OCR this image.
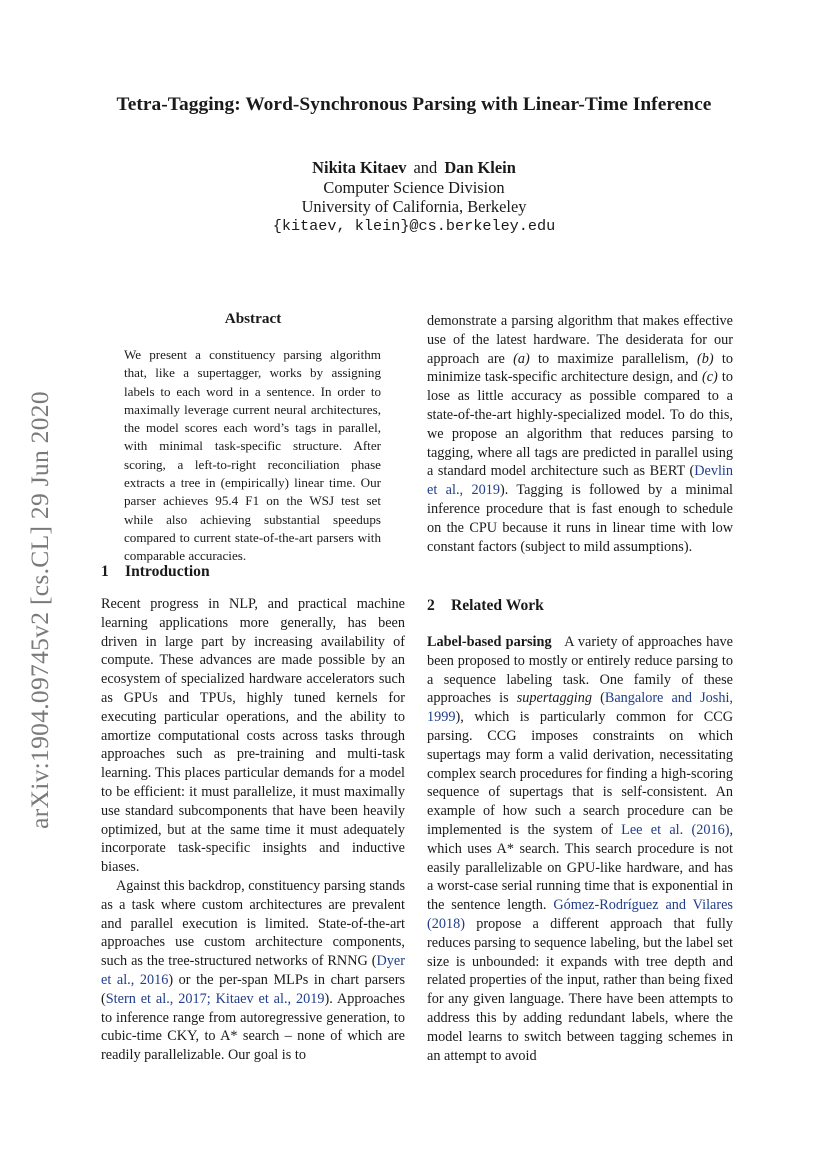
Tetra-Tagging: Word-Synchronous Parsing with Linear-Time Inference
Nikita Kitaev and Dan Klein
Computer Science Division
University of California, Berkeley
{kitaev, klein}@cs.berkeley.edu
arXiv:1904.09745v2 [cs.CL] 29 Jun 2020
Abstract
We present a constituency parsing algorithm that, like a supertagger, works by assigning labels to each word in a sentence. In order to maximally leverage current neural architectures, the model scores each word’s tags in parallel, with minimal task-specific structure. After scoring, a left-to-right reconciliation phase extracts a tree in (empirically) linear time. Our parser achieves 95.4 F1 on the WSJ test set while also achieving substantial speedups compared to current state-of-the-art parsers with comparable accuracies.
1 Introduction
Recent progress in NLP, and practical machine learning applications more generally, has been driven in large part by increasing availability of compute. These advances are made possible by an ecosystem of specialized hardware accelerators such as GPUs and TPUs, highly tuned kernels for executing particular operations, and the ability to amortize computational costs across tasks through approaches such as pre-training and multi-task learning. This places particular demands for a model to be efficient: it must parallelize, it must maximally use standard subcomponents that have been heavily optimized, but at the same time it must adequately incorporate task-specific insights and inductive biases.
Against this backdrop, constituency parsing stands as a task where custom architectures are prevalent and parallel execution is limited. State-of-the-art approaches use custom architecture components, such as the tree-structured networks of RNNG (Dyer et al., 2016) or the per-span MLPs in chart parsers (Stern et al., 2017; Kitaev et al., 2019). Approaches to inference range from autoregressive generation, to cubic-time CKY, to A* search – none of which are readily parallelizable. Our goal is to
demonstrate a parsing algorithm that makes effective use of the latest hardware. The desiderata for our approach are (a) to maximize parallelism, (b) to minimize task-specific architecture design, and (c) to lose as little accuracy as possible compared to a state-of-the-art highly-specialized model. To do this, we propose an algorithm that reduces parsing to tagging, where all tags are predicted in parallel using a standard model architecture such as BERT (Devlin et al., 2019). Tagging is followed by a minimal inference procedure that is fast enough to schedule on the CPU because it runs in linear time with low constant factors (subject to mild assumptions).
2 Related Work
Label-based parsing A variety of approaches have been proposed to mostly or entirely reduce parsing to a sequence labeling task. One family of these approaches is supertagging (Bangalore and Joshi, 1999), which is particularly common for CCG parsing. CCG imposes constraints on which supertags may form a valid derivation, necessitating complex search procedures for finding a high-scoring sequence of supertags that is self-consistent. An example of how such a search procedure can be implemented is the system of Lee et al. (2016), which uses A* search. This search procedure is not easily parallelizable on GPU-like hardware, and has a worst-case serial running time that is exponential in the sentence length. Gómez-Rodríguez and Vilares (2018) propose a different approach that fully reduces parsing to sequence labeling, but the label set size is unbounded: it expands with tree depth and related properties of the input, rather than being fixed for any given language. There have been attempts to address this by adding redundant labels, where the model learns to switch between tagging schemes in an attempt to avoid
